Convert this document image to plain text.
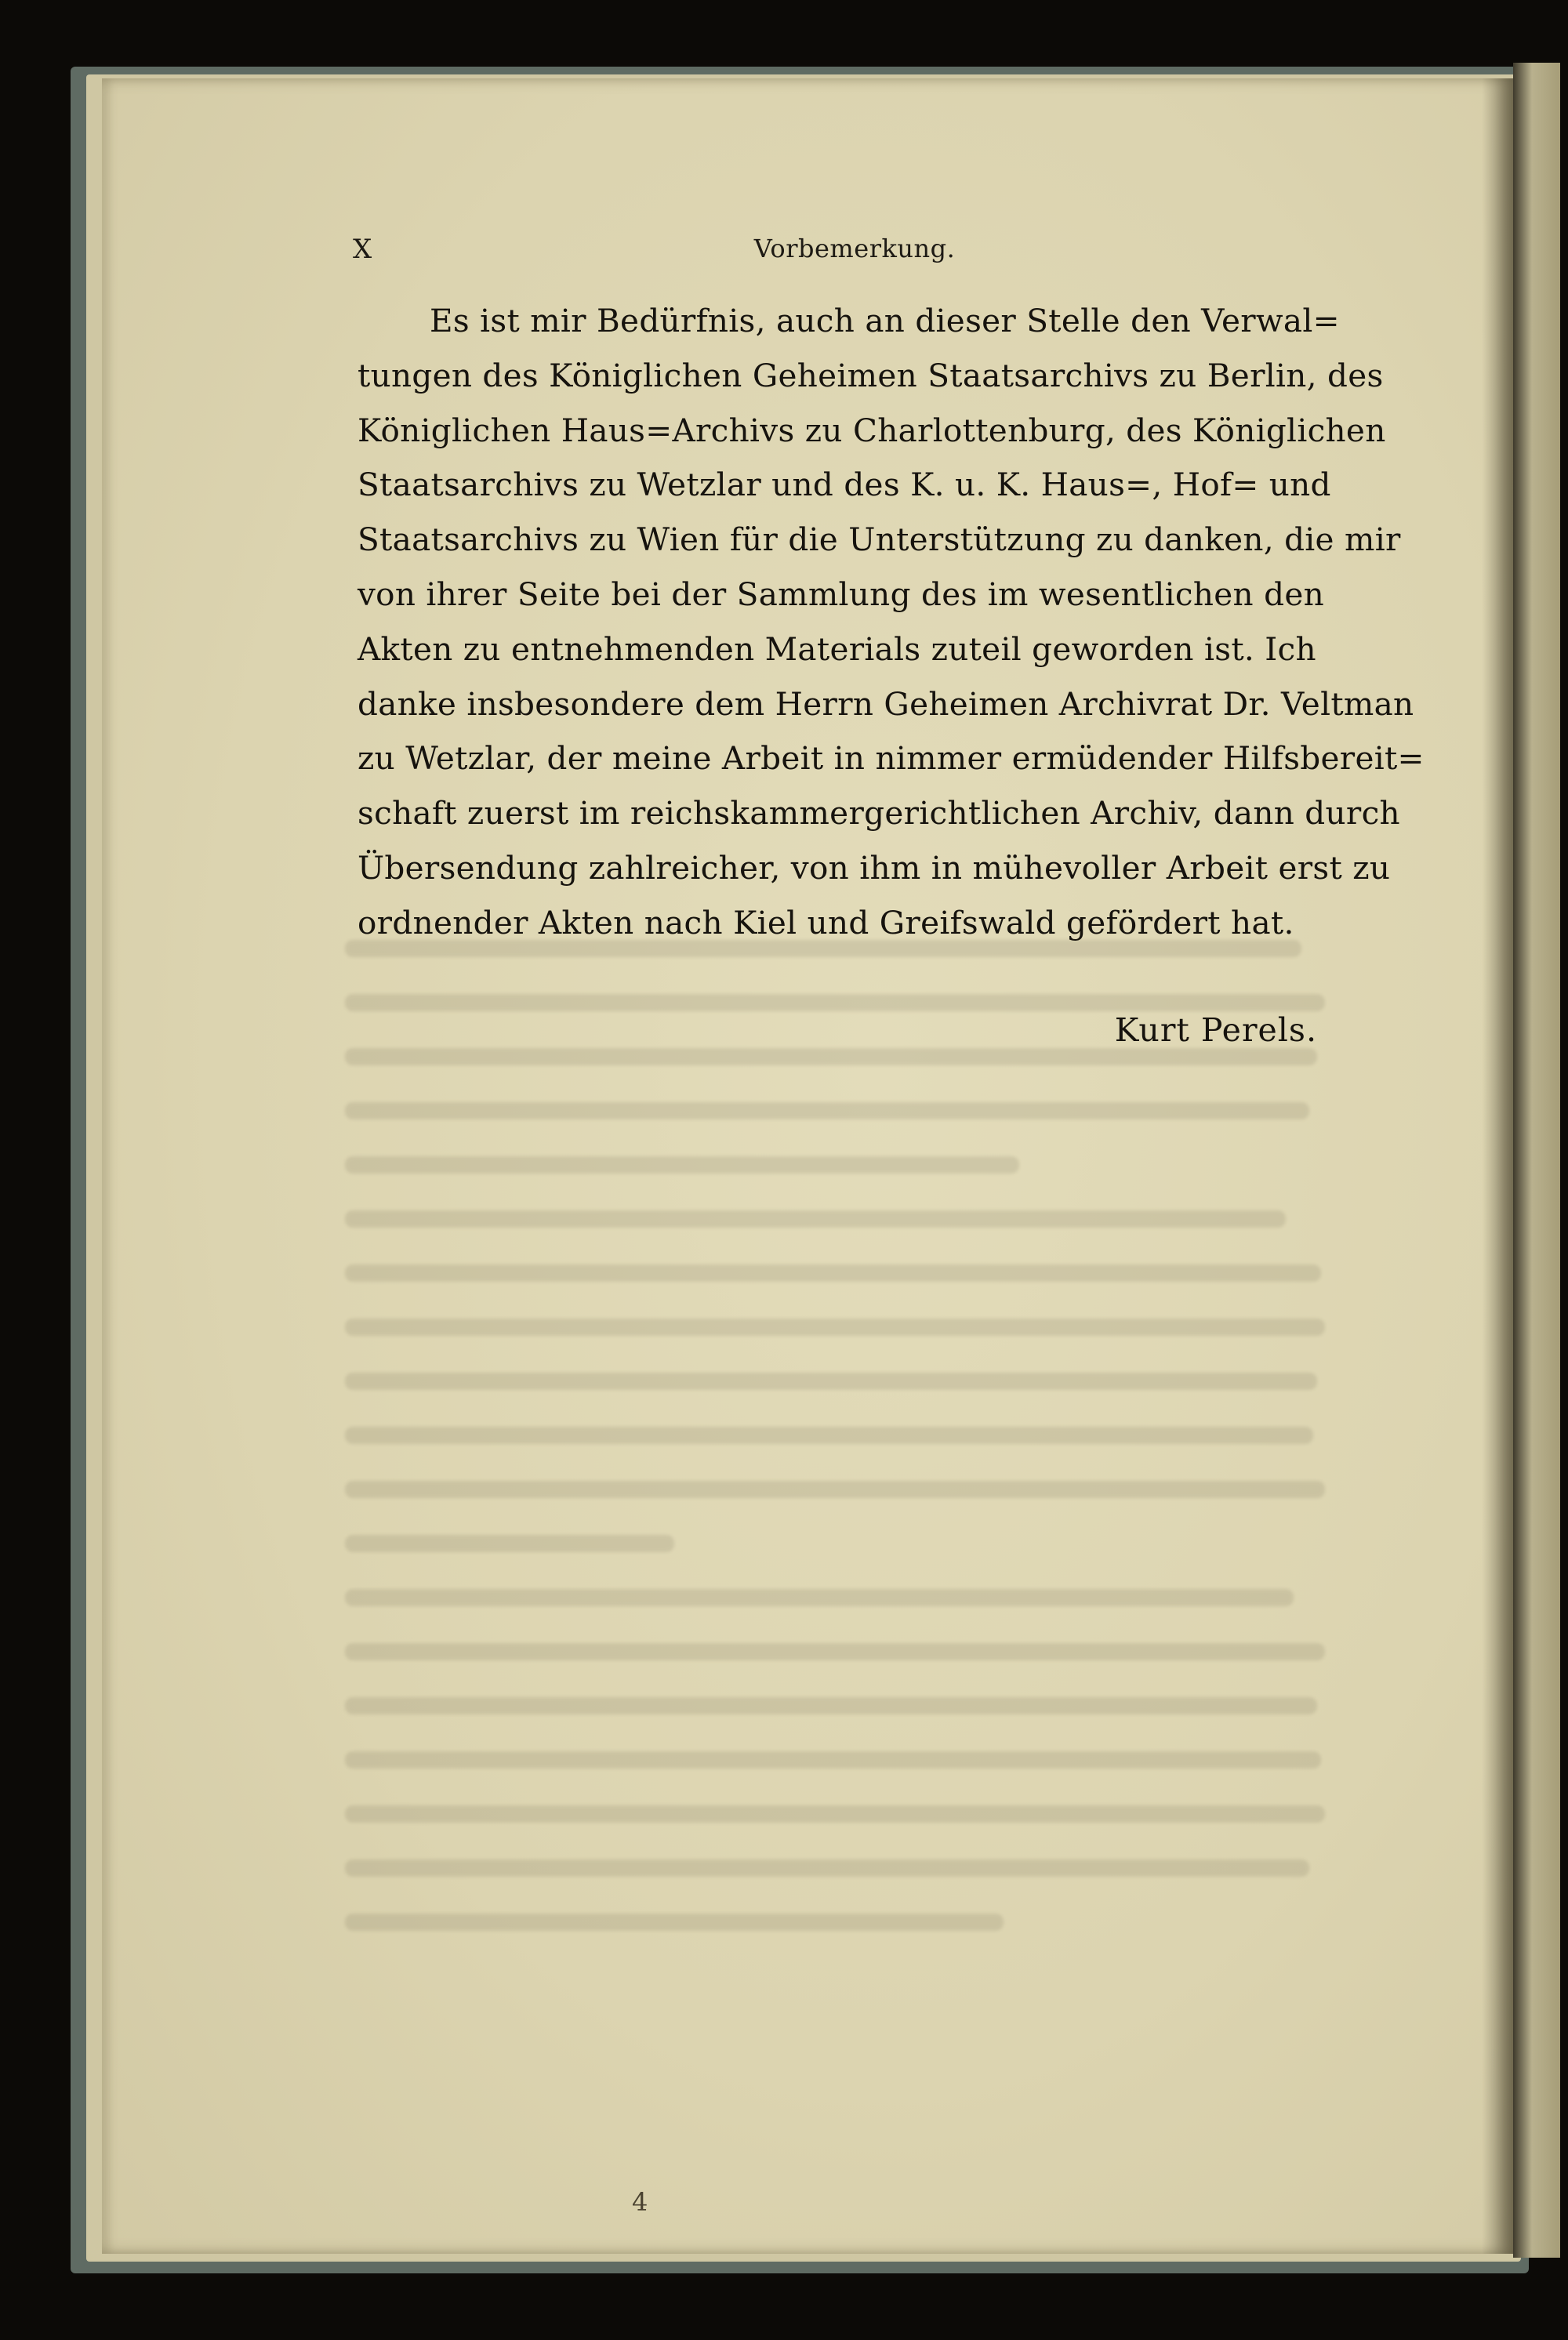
X	Vorbemerkung.
Es ist mir Bedürfnis, auch an dieser Stelle den Verwal=
tungen des Königlichen Geheimen Staatsarchivs zu Berlin, des
Königlichen Haus=Archivs zu Charlottenburg, des Königlichen
Staatsarchivs zu Wetzlar und des K. u. K. Haus=, Hof= und
Staatsarchivs zu Wien für die Unterstützung zu danken, die mir
von ihrer Seite bei der Sammlung des im wesentlichen den
Akten zu entnehmenden Materials zuteil geworden ist. Ich
danke insbesondere dem Herrn Geheimen Archivrat Dr. Veltman
zu Wetzlar, der meine Arbeit in nimmer ermüdender Hilfsbereit=
schaft zuerst im reichskammergerichtlichen Archiv, dann durch
Übersendung zahlreicher, von ihm in mühevoller Arbeit erst zu
ordnender Akten nach Kiel und Greifswald gefördert hat.
Kurt Perels.
4
